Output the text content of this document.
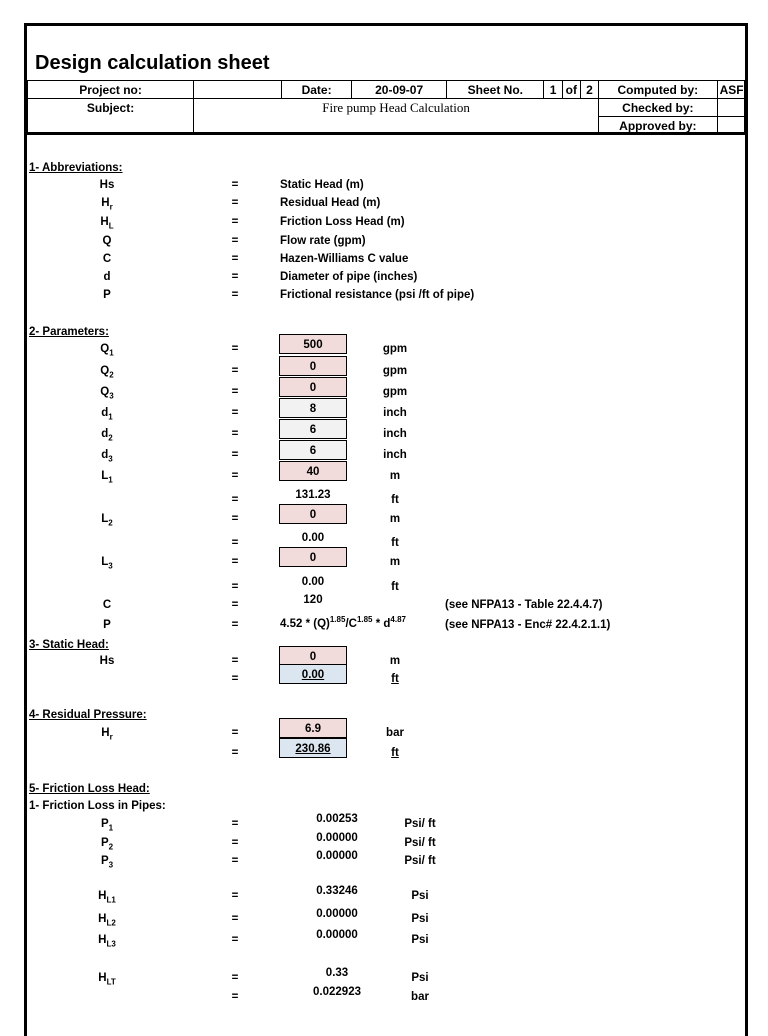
Design calculation sheet
Project no:		Date:	20-09-07	Sheet No.	1	of	2	Computed by:	ASF
Subject:	Fire pump Head Calculation							Checked by:	
								Approved by:	
1- Abbreviations:
Hs	=	Static Head (m)
$H_r$	=	Residual Head (m)
$H_L$	=	Friction Loss Head (m)
Q	=	Flow rate (gpm)
C	=	Hazen-Williams C value
d	=	Diameter of pipe (inches)
P	=	Frictional resistance (psi /ft of pipe)
2- Parameters:
$Q_1$	=	500	gpm
$Q_2$	=	0	gpm
$Q_3$	=	0	gpm
$d_1$	=	8	inch
$d_2$	=	6	inch
$d_3$	=	6	inch
$L_1$	=	40	m
=	131.23	ft
$L_2$	=	0	m
=	0.00	ft
$L_3$	=	0	m
=	0.00	ft
C	=	120	(see NFPA13 - Table 22.4.4.7)
P	=	$4.52 * (Q)^{1.85}/C^{1.85} * d^{4.87}$	(see NFPA13 - Enc# 22.4.2.1.1)
3- Static Head:
Hs	=	0	m
=	0.00	ft
4- Residual Pressure:
$H_r$	=	6.9	bar
=	230.86	ft
5- Friction Loss Head:
1- Friction Loss in Pipes:
$P_1$	=	0.00253	Psi/ ft
$P_2$	=	0.00000	Psi/ ft
$P_3$	=	0.00000	Psi/ ft
$H_{L1}$	=	0.33246	Psi
$H_{L2}$	=	0.00000	Psi
$H_{L3}$	=	0.00000	Psi
$H_{LT}$	=	0.33	Psi
=	0.022923	bar
